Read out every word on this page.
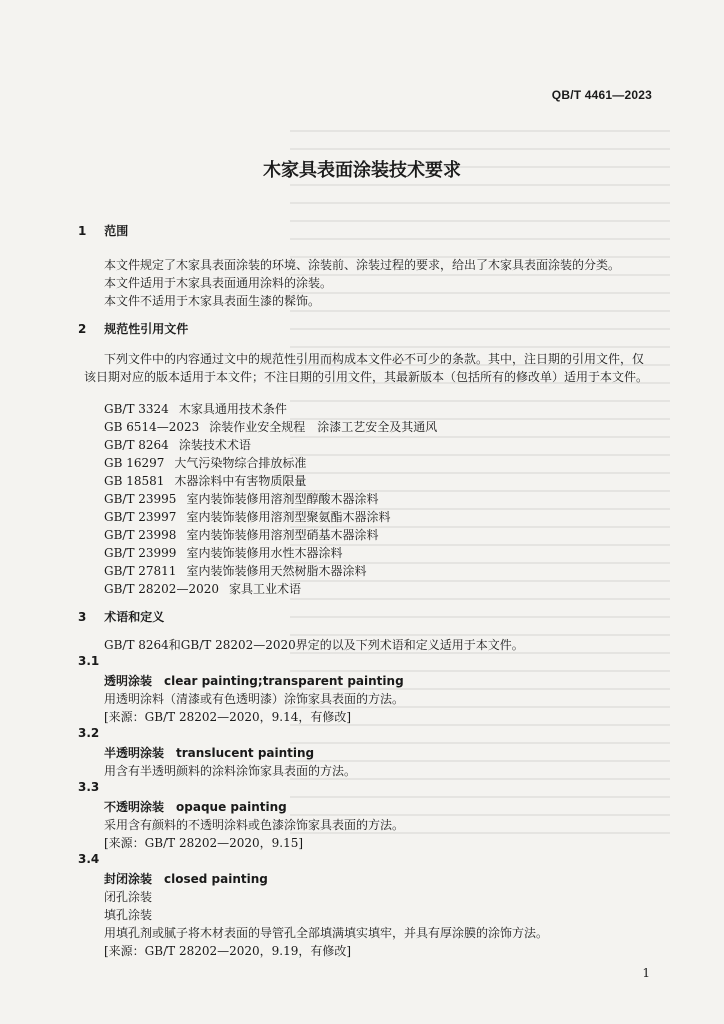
QB/T 4461—2023
木家具表面涂装技术要求
1 范围
本文件规定了木家具表面涂装的环境、涂装前、涂装过程的要求，给出了木家具表面涂装的分类。
本文件适用于木家具表面通用涂料的涂装。
本文件不适用于木家具表面生漆的髹饰。
2 规范性引用文件
下列文件中的内容通过文中的规范性引用而构成本文件必不可少的条款。其中，注日期的引用文件，仅该日期对应的版本适用于本文件；不注日期的引用文件，其最新版本（包括所有的修改单）适用于本文件。
GB/T 3324 木家具通用技术条件
GB 6514—2023 涂装作业安全规程　涂漆工艺安全及其通风
GB/T 8264 涂装技术术语
GB 16297 大气污染物综合排放标准
GB 18581 木器涂料中有害物质限量
GB/T 23995 室内装饰装修用溶剂型醇酸木器涂料
GB/T 23997 室内装饰装修用溶剂型聚氨酯木器涂料
GB/T 23998 室内装饰装修用溶剂型硝基木器涂料
GB/T 23999 室内装饰装修用水性木器涂料
GB/T 27811 室内装饰装修用天然树脂木器涂料
GB/T 28202—2020 家具工业术语
3 术语和定义
GB/T 8264和GB/T 28202—2020界定的以及下列术语和定义适用于本文件。
3.1
透明涂装 clear painting;transparent painting
用透明涂料（清漆或有色透明漆）涂饰家具表面的方法。
[来源：GB/T 28202—2020，9.14，有修改]
3.2
半透明涂装 translucent painting
用含有半透明颜料的涂料涂饰家具表面的方法。
3.3
不透明涂装 opaque painting
采用含有颜料的不透明涂料或色漆涂饰家具表面的方法。
[来源：GB/T 28202—2020，9.15]
3.4
封闭涂装 closed painting
闭孔涂装
填孔涂装
用填孔剂或腻子将木材表面的导管孔全部填满填实填牢，并具有厚涂膜的涂饰方法。
[来源：GB/T 28202—2020，9.19，有修改]
1
